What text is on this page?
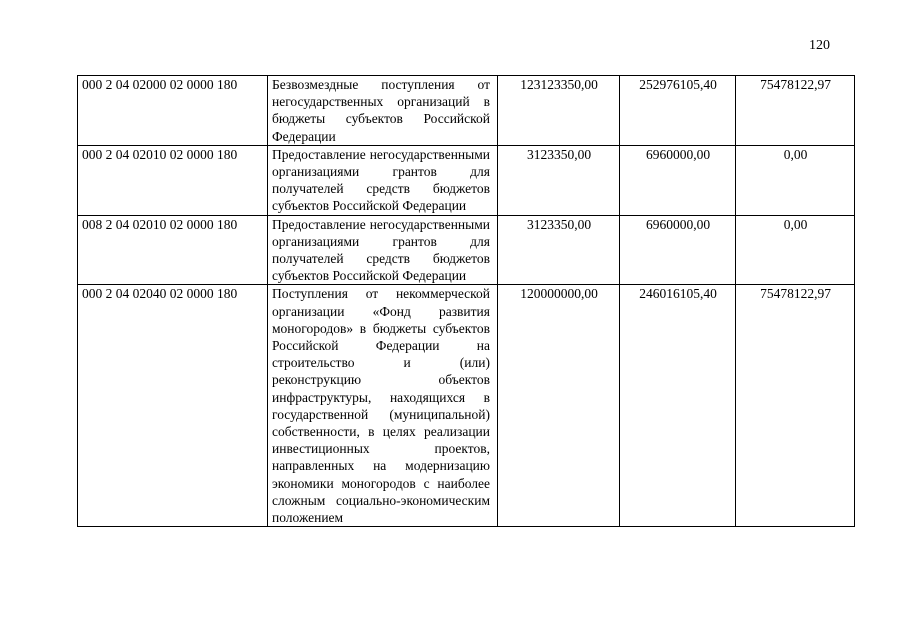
120
000 2 04 02000 02 0000 180	Безвозмездные поступления от негосударственных организаций в бюджеты субъектов Российской Федерации	123123350,00	252976105,40	75478122,97
000 2 04 02010 02 0000 180	Предоставление негосударственными организациями грантов для получателей средств бюджетов субъектов Российской Федерации	3123350,00	6960000,00	0,00
008 2 04 02010 02 0000 180	Предоставление негосударственными организациями грантов для получателей средств бюджетов субъектов Российской Федерации	3123350,00	6960000,00	0,00
000 2 04 02040 02 0000 180	Поступления от некоммерческой организации «Фонд развития моногородов» в бюджеты субъектов Российской Федерации на строительство и (или) реконструкцию объектов инфраструктуры, находящихся в государственной (муниципальной) собственности, в целях реализации инвестиционных проектов, направленных на модернизацию экономики моногородов с наиболее сложным социально-экономическим положением	120000000,00	246016105,40	75478122,97
